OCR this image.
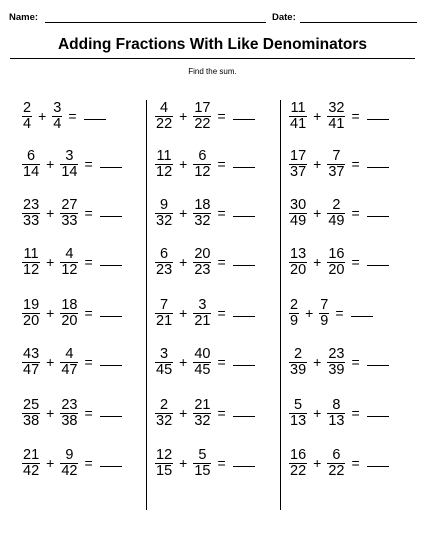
Name:	Date:
Adding Fractions With Like Denominators
Find the sum.
$\frac{2}{4} + \frac{3}{4}$ =
$\frac{6}{14} + \frac{3}{14}$ =
$\frac{23}{33} + \frac{27}{33}$ =
$\frac{11}{12} + \frac{4}{12}$ =
$\frac{19}{20} + \frac{18}{20}$ =
$\frac{43}{47} + \frac{4}{47}$ =
$\frac{25}{38} + \frac{23}{38}$ =
$\frac{21}{42} + \frac{9}{42}$ =
$\frac{4}{22} + \frac{17}{22}$ =
$\frac{11}{12} + \frac{6}{12}$ =
$\frac{9}{32} + \frac{18}{32}$ =
$\frac{6}{23} + \frac{20}{23}$ =
$\frac{7}{21} + \frac{3}{21}$ =
$\frac{3}{45} + \frac{40}{45}$ =
$\frac{2}{32} + \frac{21}{32}$ =
$\frac{12}{15} + \frac{5}{15}$ =
$\frac{11}{41} + \frac{32}{41}$ =
$\frac{17}{37} + \frac{7}{37}$ =
$\frac{30}{49} + \frac{2}{49}$ =
$\frac{13}{20} + \frac{16}{20}$ =
$\frac{2}{9} + \frac{7}{9}$ =
$\frac{2}{39} + \frac{23}{39}$ =
$\frac{5}{13} + \frac{8}{13}$ =
$\frac{16}{22} + \frac{6}{22}$ =
